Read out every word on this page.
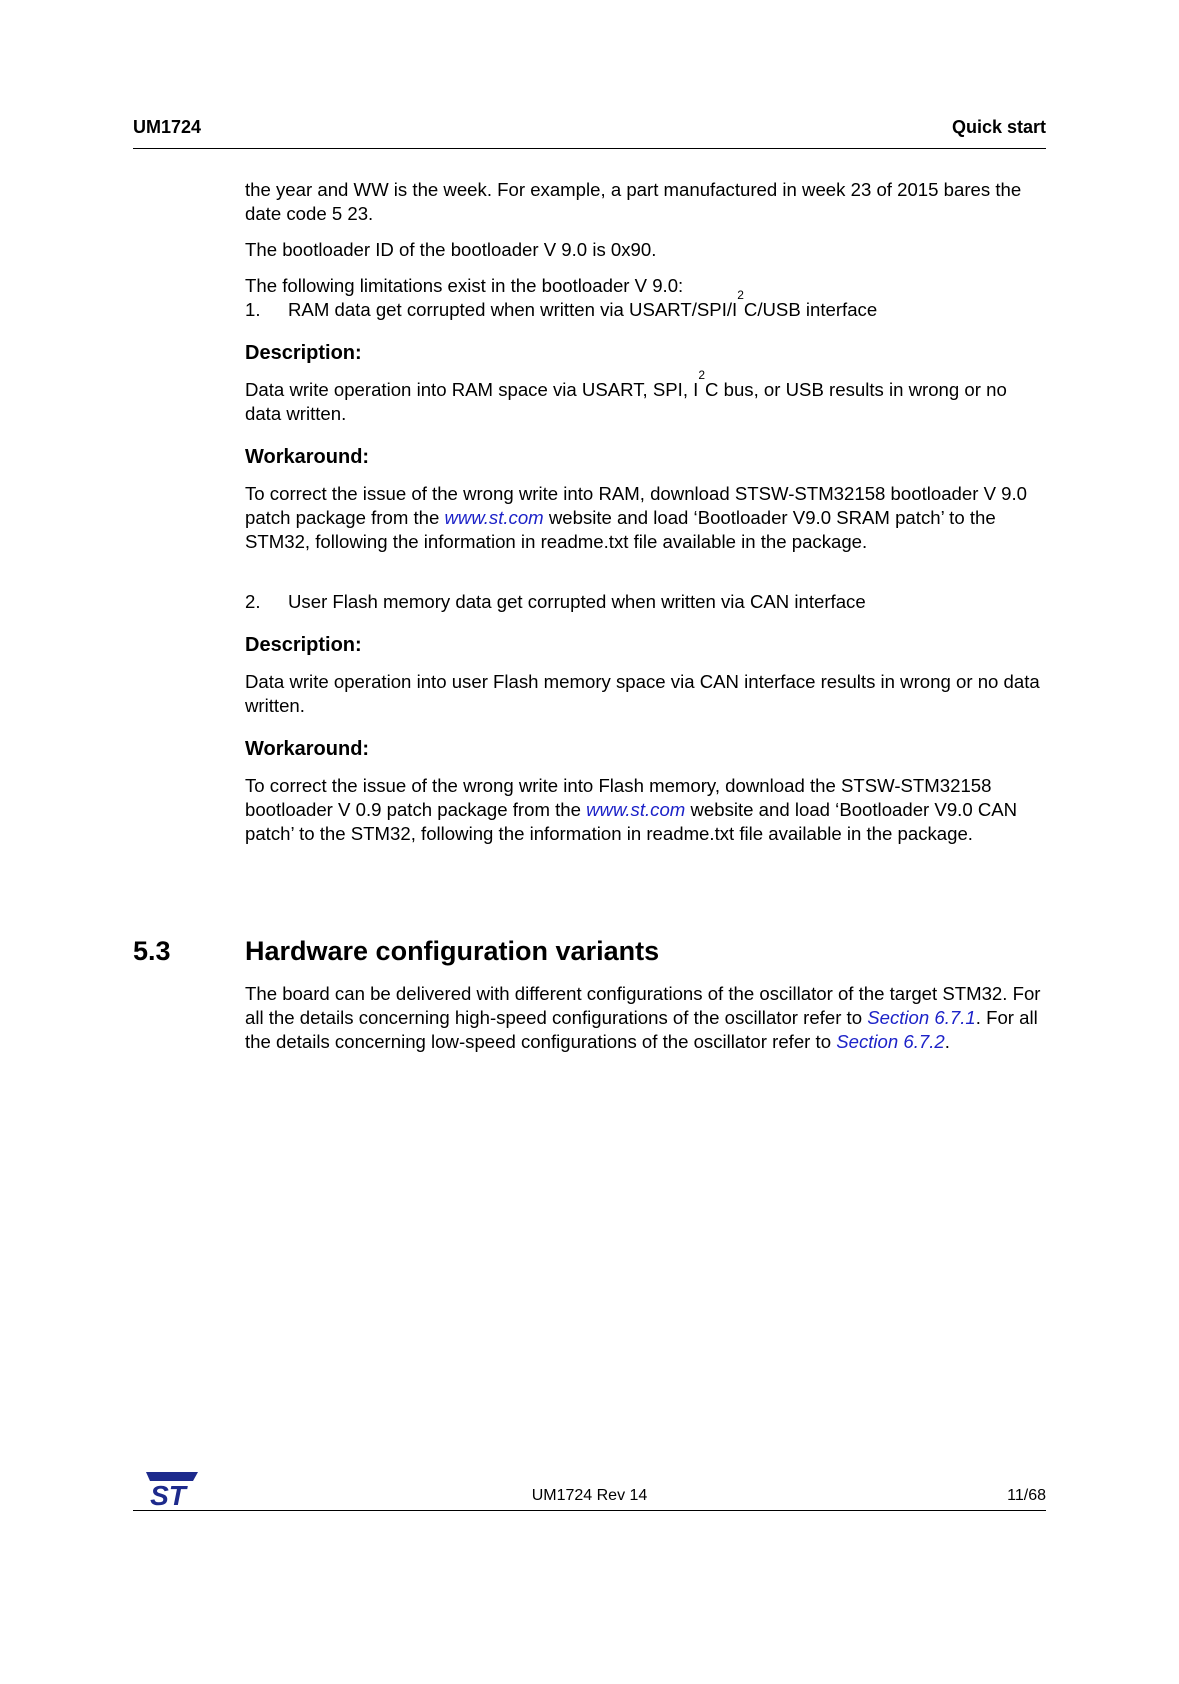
UM1724	Quick start

the year and WW is the week. For example, a part manufactured in week 23 of 2015 bares the date code 5 23.

The bootloader ID of the bootloader V 9.0 is 0x90.

The following limitations exist in the bootloader V 9.0:

1.	RAM data get corrupted when written via USART/$SPI/I^2C$/USB interface
Description:

Data write operation into RAM space via USART, SPI, $I^2C$ bus, or USB results in wrong or no data written.

Workaround:

To correct the issue of the wrong write into RAM, download STSW-STM32158 bootloader V 9.0 patch package from the www.st.com website and load ‘Bootloader V9.0 SRAM patch’ to the STM32, following the information in readme.txt file available in the package.

2.	User Flash memory data get corrupted when written via CAN interface
Description:

Data write operation into user Flash memory space via CAN interface results in wrong or no data written.

Workaround:

To correct the issue of the wrong write into Flash memory, download the STSW-STM32158 bootloader V 0.9 patch package from the www.st.com website and load ‘Bootloader V9.0 CAN patch’ to the STM32, following the information in readme.txt file available in the package.

5.3	Hardware configuration variants

The board can be delivered with different configurations of the oscillator of the target STM32. For all the details concerning high-speed configurations of the oscillator refer to Section 6.7.1. For all the details concerning low-speed configurations of the oscillator refer to Section 6.7.2.

ST	UM1724 Rev 14	11/68
